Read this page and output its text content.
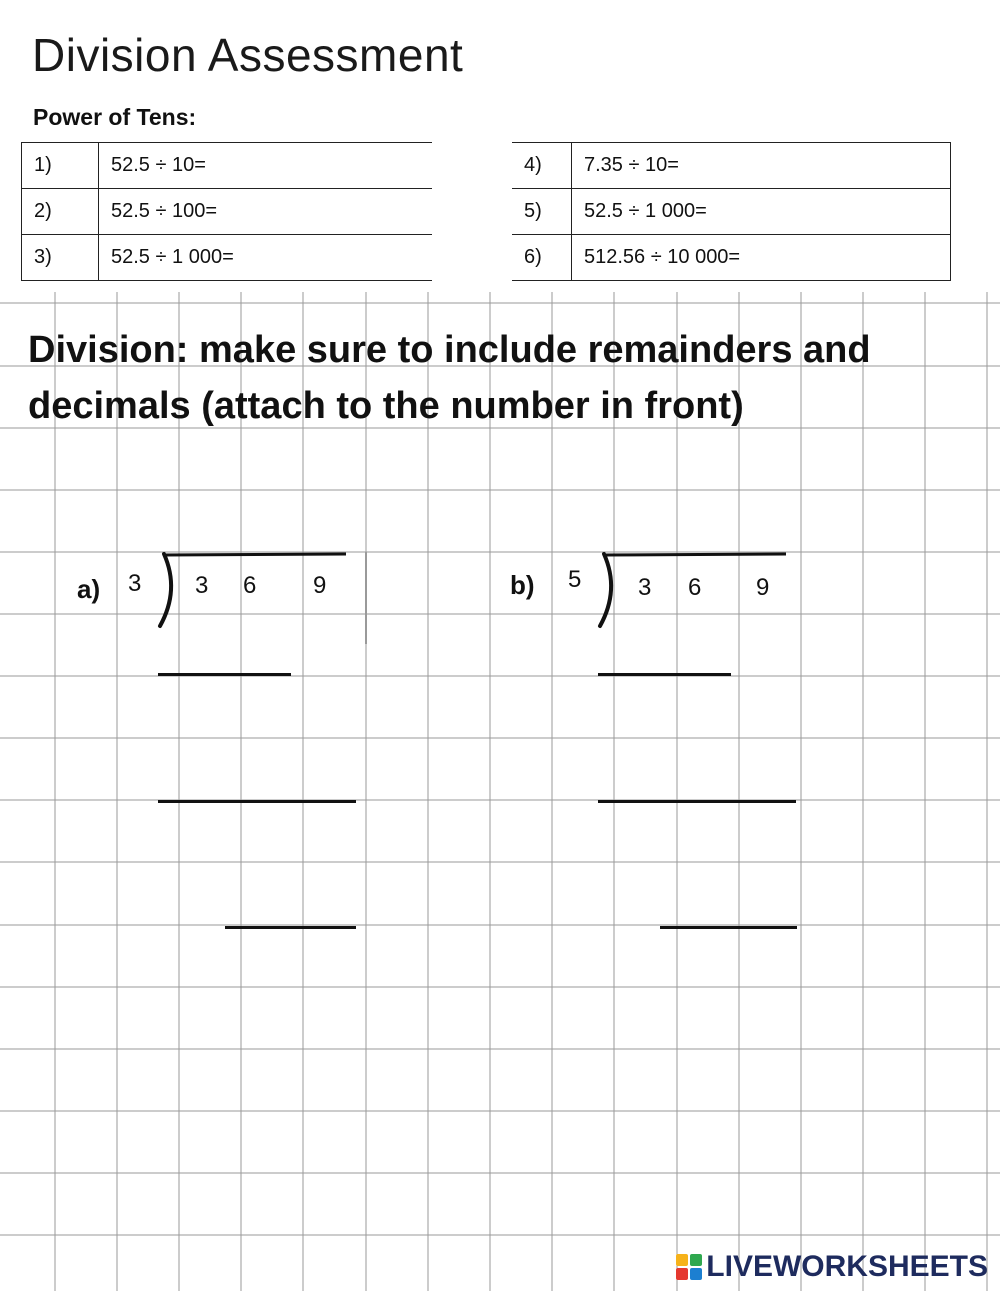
Division Assessment
Power of Tens:
1)	52.5 ÷ 10=
2)	52.5 ÷ 100=
3)	52.5 ÷ 1 000=
4)	7.35 ÷ 10=
5)	52.5 ÷ 1 000=
6)	512.56 ÷ 10 000=
Division: make sure to include remainders and decimals (attach to the number in front)
a) 3 3 6 9	b) 5 3 6 9
LIVEWORKSHEETS
